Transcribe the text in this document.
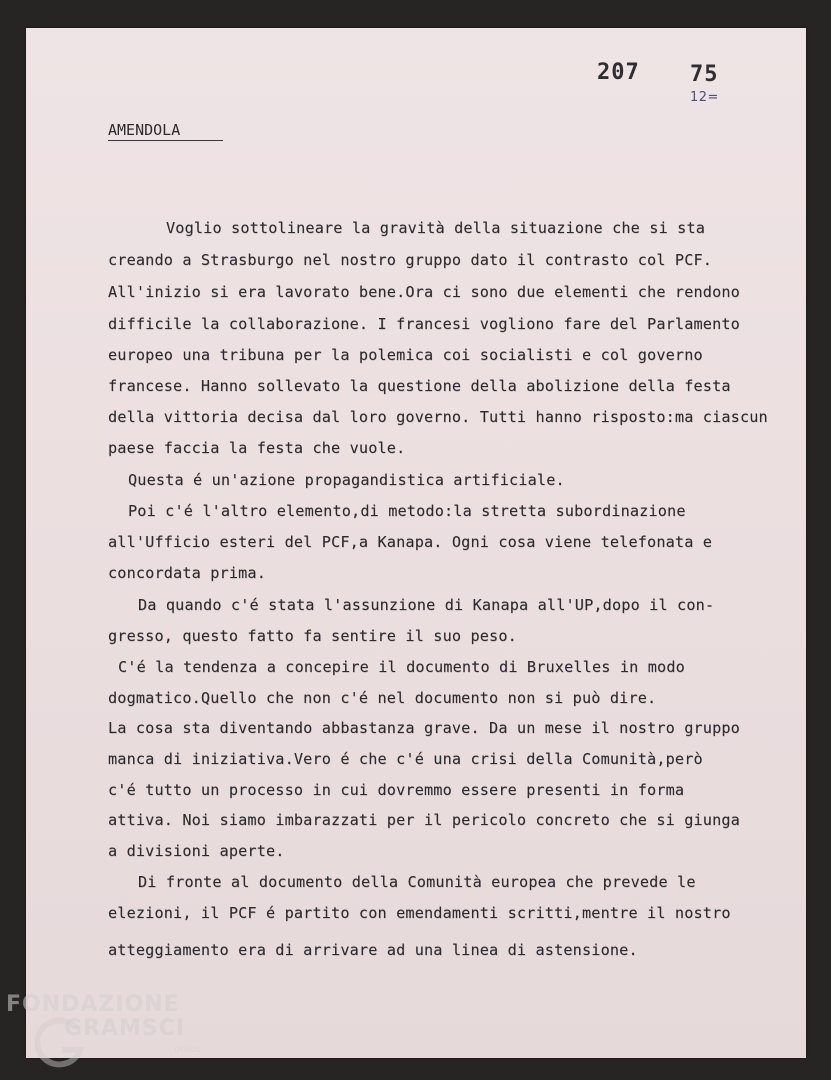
207 75
12=
AMENDOLA
Voglio sottolineare la gravità della situazione che si sta
creando a Strasburgo nel nostro gruppo dato il contrasto col PCF.
All'inizio si era lavorato bene.Ora ci sono due elementi che rendono
difficile la collaborazione. I francesi vogliono fare del Parlamento
europeo una tribuna per la polemica coi socialisti e col governo
francese. Hanno sollevato la questione della abolizione della festa
della vittoria decisa dal loro governo. Tutti hanno risposto:ma ciascun
paese faccia la festa che vuole.
Questa é un'azione propagandistica artificiale.
Poi c'é l'altro elemento,di metodo:la stretta subordinazione
all'Ufficio esteri del PCF,a Kanapa. Ogni cosa viene telefonata e
concordata prima.
Da quando c'é stata l'assunzione di Kanapa all'UP,dopo il con-
gresso, questo fatto fa sentire il suo peso.
C'é la tendenza a concepire il documento di Bruxelles in modo
dogmatico.Quello che non c'é nel documento non si può dire.
La cosa sta diventando abbastanza grave. Da un mese il nostro gruppo
manca di iniziativa.Vero é che c'é una crisi della Comunità,però
c'é tutto un processo in cui dovremmo essere presenti in forma
attiva. Noi siamo imbarazzati per il pericolo concreto che si giunga
a divisioni aperte.
Di fronte al documento della Comunità europea che prevede le
elezioni, il PCF é partito con emendamenti scritti,mentre il nostro
atteggiamento era di arrivare ad una linea di astensione.
FONDAZIONE
GRAMSCI
onlus
